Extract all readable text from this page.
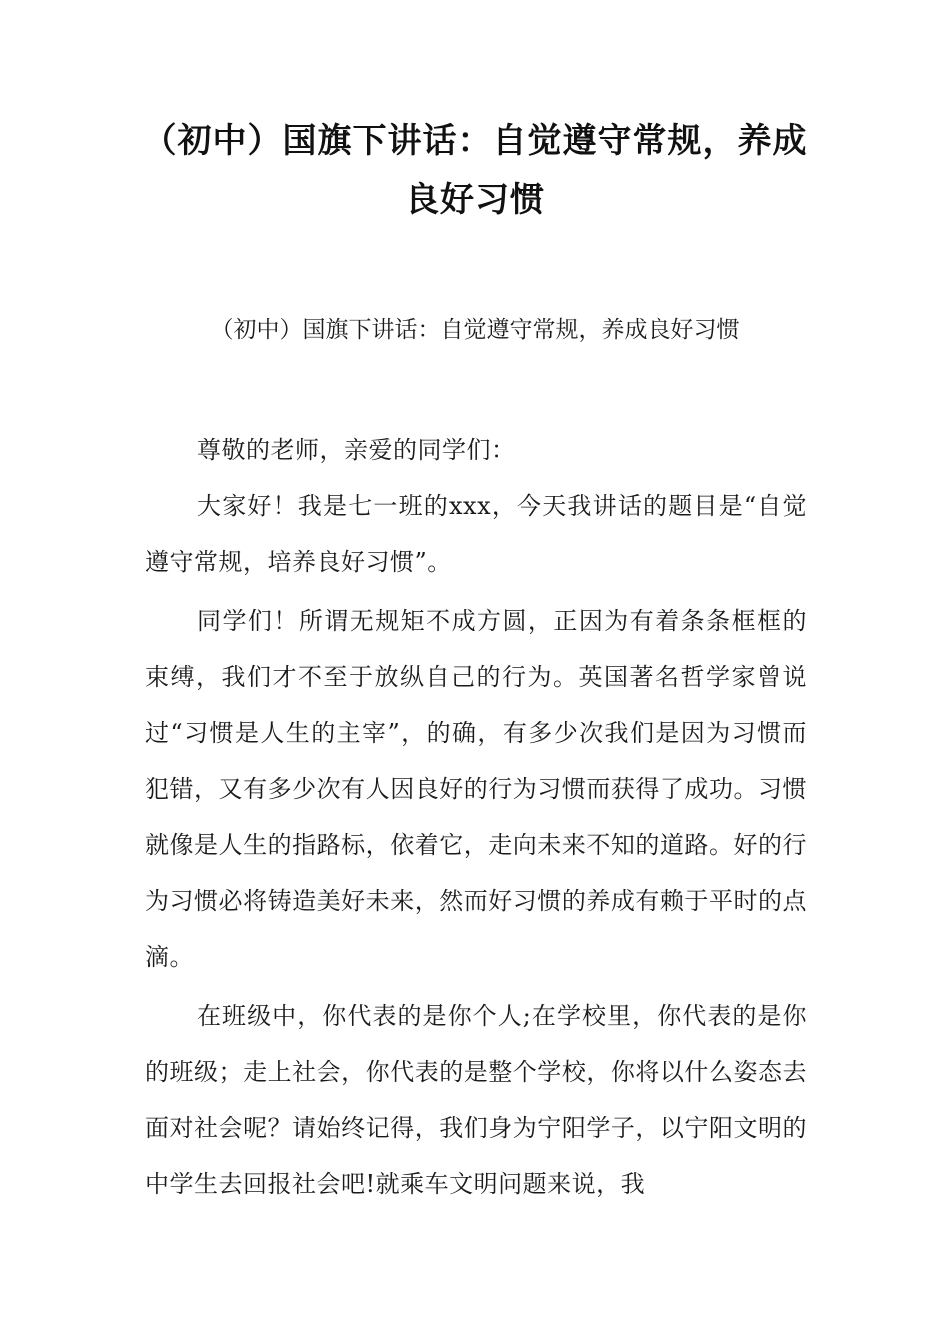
（初中）国旗下讲话：自觉遵守常规，养成良好习惯

（初中）国旗下讲话：自觉遵守常规，养成良好习惯

尊敬的老师，亲爱的同学们：

大家好！我是七一班的xxx，今天我讲话的题目是“自觉遵守常规，培养良好习惯”。

同学们！所谓无规矩不成方圆，正因为有着条条框框的束缚，我们才不至于放纵自己的行为。英国著名哲学家曾说过“习惯是人生的主宰”，的确，有多少次我们是因为习惯而犯错，又有多少次有人因良好的行为习惯而获得了成功。习惯就像是人生的指路标，依着它，走向未来不知的道路。好的行为习惯必将铸造美好未来，然而好习惯的养成有赖于平时的点滴。

在班级中，你代表的是你个人;在学校里，你代表的是你的班级；走上社会，你代表的是整个学校，你将以什么姿态去面对社会呢？请始终记得，我们身为宁阳学子，以宁阳文明的中学生去回报社会吧!就乘车文明问题来说，我
